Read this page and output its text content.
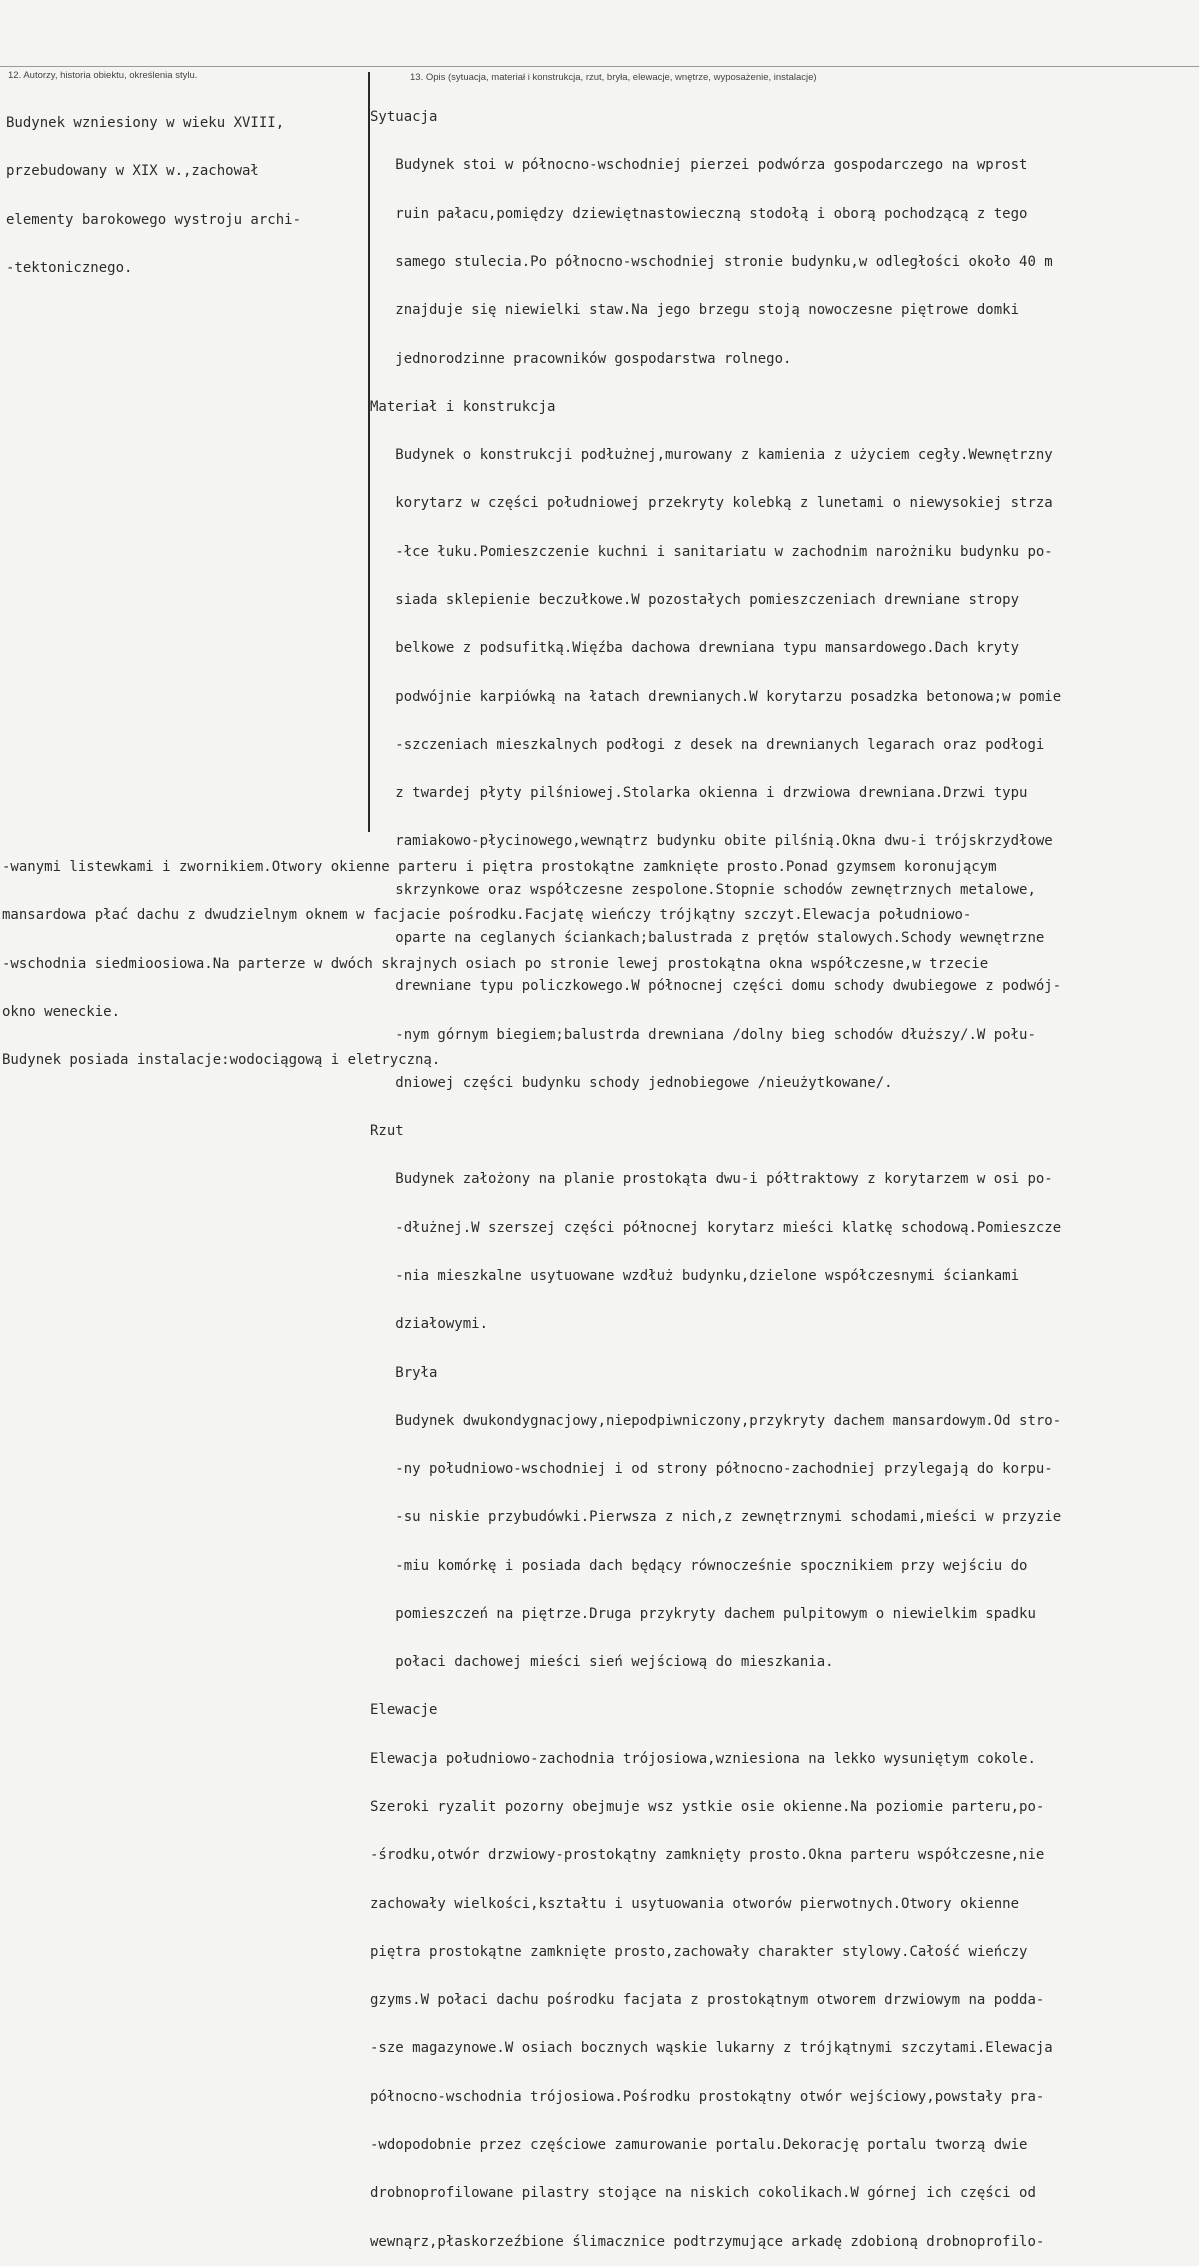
12. Autorzy, historia obiektu, określenia stylu.	13. Opis (sytuacja, materiał i konstrukcja, rzut, bryła, elewacje, wnętrze, wyposażenie, instalacje)

Budynek wzniesiony w wieku XVIII,

przebudowany w XIX w.,zachował

elementy barokowego wystroju archi-

-tektonicznego.

Sytuacja

Budynek stoi w północno-wschodniej pierzei podwórza gospodarczego na wprost

ruin pałacu,pomiędzy dziewiętnastowieczną stodołą i oborą pochodzącą z tego

samego stulecia.Po północno-wschodniej stronie budynku,w odległości około 40 m

znajduje się niewielki staw.Na jego brzegu stoją nowoczesne piętrowe domki

jednorodzinne pracowników gospodarstwa rolnego.

Materiał i konstrukcja

Budynek o konstrukcji podłużnej,murowany z kamienia z użyciem cegły.Wewnętrzny

korytarz w części południowej przekryty kolebką z lunetami o niewysokiej strza

-łce łuku.Pomieszczenie kuchni i sanitariatu w zachodnim narożniku budynku po-

siada sklepienie beczułkowe.W pozostałych pomieszczeniach drewniane stropy

belkowe z podsufitką.Więźba dachowa drewniana typu mansardowego.Dach kryty

podwójnie karpiówką na łatach drewnianych.W korytarzu posadzka betonowa;w pomie

-szczeniach mieszkalnych podłogi z desek na drewnianych legarach oraz podłogi

z twardej płyty pilśniowej.Stolarka okienna i drzwiowa drewniana.Drzwi typu

ramiakowo-płycinowego,wewnątrz budynku obite pilśnią.Okna dwu-i trójskrzydłowe

skrzynkowe oraz współczesne zespolone.Stopnie schodów zewnętrznych metalowe,

oparte na ceglanych ściankach;balustrada z prętów stalowych.Schody wewnętrzne

drewniane typu policzkowego.W północnej części domu schody dwubiegowe z podwój-

-nym górnym biegiem;balustrda drewniana /dolny bieg schodów dłuższy/.W połu-

dniowej części budynku schody jednobiegowe /nieużytkowane/.

Rzut

Budynek założony na planie prostokąta dwu-i półtraktowy z korytarzem w osi po-

-dłużnej.W szerszej części północnej korytarz mieści klatkę schodową.Pomieszcze

-nia mieszkalne usytuowane wzdłuż budynku,dzielone współczesnymi ściankami

działowymi.

Bryła

Budynek dwukondygnacjowy,niepodpiwniczony,przykryty dachem mansardowym.Od stro-

-ny południowo-wschodniej i od strony północno-zachodniej przylegają do korpu-

-su niskie przybudówki.Pierwsza z nich,z zewnętrznymi schodami,mieści w przyzie

-miu komórkę i posiada dach będący równocześnie spocznikiem przy wejściu do

pomieszczeń na piętrze.Druga przykryty dachem pulpitowym o niewielkim spadku

połaci dachowej mieści sień wejściową do mieszkania.

Elewacje

Elewacja południowo-zachodnia trójosiowa,wzniesiona na lekko wysuniętym cokole.

Szeroki ryzalit pozorny obejmuje wsz ystkie osie okienne.Na poziomie parteru,po-

-środku,otwór drzwiowy-prostokątny zamknięty prosto.Okna parteru współczesne,nie

zachowały wielkości,kształtu i usytuowania otworów pierwotnych.Otwory okienne

piętra prostokątne zamknięte prosto,zachowały charakter stylowy.Całość wieńczy

gzyms.W połaci dachu pośrodku facjata z prostokątnym otworem drzwiowym na podda-

-sze magazynowe.W osiach bocznych wąskie lukarny z trójkątnymi szczytami.Elewacja

północno-wschodnia trójosiowa.Pośrodku prostokątny otwór wejściowy,powstały pra-

-wdopodobnie przez częściowe zamurowanie portalu.Dekorację portalu tworzą dwie

drobnoprofilowane pilastry stojące na niskich cokolikach.W górnej ich części od

wewnąrz,płaskorzeźbione ślimacznice podtrzymujące arkadę zdobioną drobnoprofilo-

-wanymi listewkami i zwornikiem.Otwory okienne parteru i piętra prostokątne zamknięte prosto.Ponad gzymsem koronującym

mansardowa płać dachu z dwudzielnym oknem w facjacie pośrodku.Facjatę wieńczy trójkątny szczyt.Elewacja południowo-

-wschodnia siedmioosiowa.Na parterze w dwóch skrajnych osiach po stronie lewej prostokątna okna współczesne,w trzecie

okno weneckie.

Budynek posiada instalacje:wodociągową i eletryczną.
